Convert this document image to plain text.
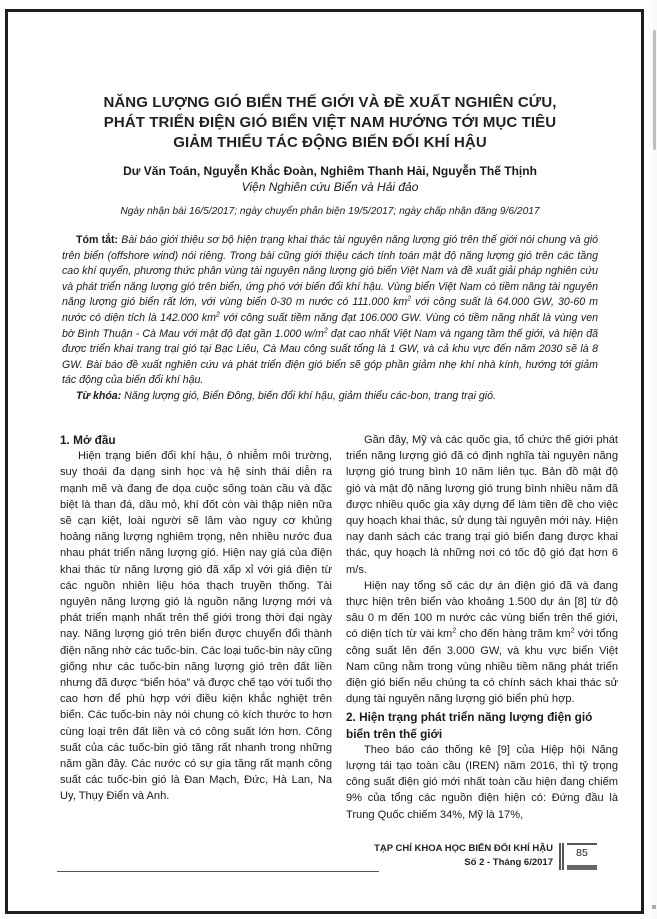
NĂNG LƯỢNG GIÓ BIỂN THẾ GIỚI VÀ ĐỀ XUẤT NGHIÊN CỨU,
PHÁT TRIỂN ĐIỆN GIÓ BIỂN VIỆT NAM HƯỚNG TỚI MỤC TIÊU
GIẢM THIỂU TÁC ĐỘNG BIẾN ĐỔI KHÍ HẬU
Dư Văn Toán, Nguyễn Khắc Đoàn, Nghiêm Thanh Hải, Nguyễn Thế Thịnh
Viện Nghiên cứu Biển và Hải đảo
Ngày nhận bài 16/5/2017; ngày chuyển phản biện 19/5/2017; ngày chấp nhận đăng 9/6/2017

Tóm tắt: Bài báo giới thiệu sơ bộ hiện trạng khai thác tài nguyên năng lượng gió trên thế giới nói chung và gió trên biển (offshore wind) nói riêng. Trong bài cũng giới thiệu cách tính toán mật độ năng lượng gió trên các tầng cao khí quyển, phương thức phân vùng tài nguyên năng lượng gió biển Việt Nam và đề xuất giải pháp nghiên cứu và phát triển năng lượng gió trên biển, ứng phó với biến đổi khí hậu. Vùng biển Việt Nam có tiềm năng tài nguyên năng lượng gió biển rất lớn, với vùng biển 0-30 m nước có 111.000 $km^2$ với công suất là 64.000 GW, 30-60 m nước có diện tích là 142.000 $km^2$ với công suất tiềm năng đạt 106.000 GW. Vùng có tiềm năng nhất là vùng ven bờ Bình Thuận - Cà Mau với mật độ đạt gần 1.000 $w/m^2$ đạt cao nhất Việt Nam và ngang tầm thế giới, và hiện đã được triển khai trang trại gió tại Bạc Liêu, Cà Mau công suất tổng là 1 GW, và cả khu vực đến năm 2030 sẽ là 8 GW. Bài báo đề xuất nghiên cứu và phát triển điện gió biển sẽ góp phần giảm nhẹ khí nhà kính, hướng tới giảm tác động của biến đổi khí hậu.

Từ khóa: Năng lượng gió, Biển Đông, biến đổi khí hậu, giảm thiểu các-bon, trang trại gió.

1. Mở đầu

Hiện trạng biến đổi khí hậu, ô nhiễm môi trường, suy thoái đa dạng sinh học và hệ sinh thái diễn ra mạnh mẽ và đang đe dọa cuộc sống toàn cầu và đặc biệt là than đá, dầu mỏ, khí đốt còn vài thập niên nữa sẽ cạn kiệt, loài người sẽ lâm vào nguy cơ khủng hoảng năng lượng nghiêm trọng, nên nhiều nước đua nhau phát triển năng lượng gió. Hiện nay giá của điện khai thác từ năng lượng gió đã xấp xỉ với giá điện từ các nguồn nhiên liệu hóa thạch truyền thống. Tài nguyên năng lượng gió là nguồn năng lượng mới và phát triển mạnh nhất trên thế giới trong thời đại ngày nay. Năng lượng gió trên biển được chuyển đổi thành điện năng nhờ các tuốc-bin. Các loại tuốc-bin này cũng giống như các tuốc-bin năng lượng gió trên đất liền nhưng đã được “biển hóa” và được chế tạo với tuổi thọ cao hơn để phù hợp với điều kiện khắc nghiệt trên biển. Các tuốc-bin này nói chung có kích thước to hơn cùng loại trên đất liền và có công suất lớn hơn. Công suất của các tuốc-bin gió tăng rất nhanh trong những năm gần đây. Các nước có sự gia tăng rất mạnh công suất các tuốc-bin gió là Đan Mạch, Đức, Hà Lan, Na Uy, Thụy Điển và Anh.

Gần đây, Mỹ và các quốc gia, tổ chức thế giới phát triển năng lượng gió đã có định nghĩa tài nguyên năng lượng gió trung bình 10 năm liên tục. Bản đồ mật độ gió và mật độ năng lượng gió trung bình nhiều năm đã được nhiều quốc gia xây dựng để làm tiền đề cho việc quy hoạch khai thác, sử dụng tài nguyên mới này. Hiện nay danh sách các trang trại gió biển đang được khai thác, quy hoạch là những nơi có tốc độ gió đạt hơn 6 m/s.

Hiện nay tổng số các dự án điện gió đã và đang thực hiện trên biển vào khoảng 1.500 dự án [8] từ độ sâu 0 m đến 100 m nước các vùng biển trên thế giới, có diện tích từ vài $km^2$ cho đến hàng trăm $km^2$ với tổng công suất lên đến 3.000 GW, và khu vực biển Việt Nam cũng nằm trong vùng nhiều tiềm năng phát triển điện gió biển nếu chúng ta có chính sách khai thác sử dụng tài nguyên năng lượng gió biển phù hợp.

2. Hiện trạng phát triển năng lượng điện gió biển trên thế giới

Theo báo cáo thống kê [9] của Hiệp hội Năng lượng tái tạo toàn cầu (IREN) năm 2016, thì tỷ trọng công suất điện gió mới nhất toàn cầu hiện đang chiếm 9% của tổng các nguồn điện hiện có: Đứng đầu là Trung Quốc chiếm 34%, Mỹ là 17%,

TẠP CHÍ KHOA HỌC BIẾN ĐỔI KHÍ HẬU
Số 2 - Tháng 6/2017
85
